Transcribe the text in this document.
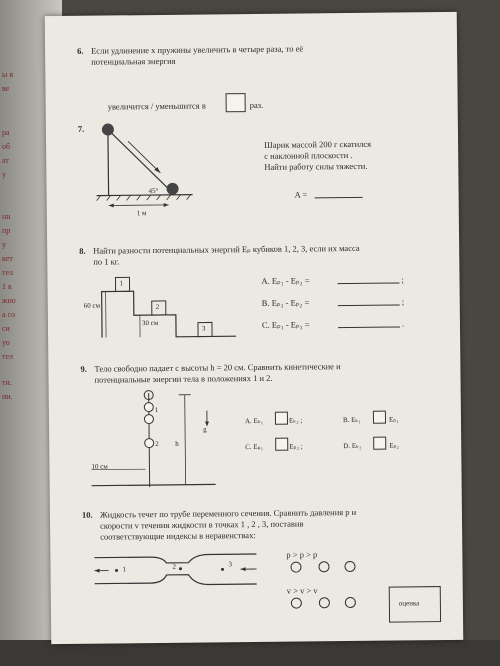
ы в
ве
ра
об
ат
у
нн
пр
у
кет
тел
1 к
жно
а со
си
уо
тел
ти.
ии.
6. Если удлинение x пружины увеличить в четыре раза, то её
потенциальная энергия
увеличится / уменьшится в	раз.
7.
45°
1 м
Шарик массой 200 г скатился
с наклонной плоскости .
Найти работу силы тяжести.
A =
8. Найти разности потенциальных энергий Eₚ кубиков 1, 2, 3, если их масса
по 1 кг.
1
2
3
60 см
30 см
A. Eₚ₁ - Eₚ₂ =	;
B. Eₚ₃ - Eₚ₂ =	;
C. Eₚ₁ - Eₚ₃ =	.
9. Тело свободно падает с высоты h = 20 см. Сравнить кинетические и
потенциальные энергии тела в положениях 1 и 2.
1
2 h
g
10 см
A. Eₖ₁	Eₖ₂ ;	B. Eₖ₁	Eₚ₁
C. Eₚ₁	Eₚ₂ ;	D. Eₖ₂	Eₚ₂
10. Жидкость течет по трубе переменного сечения. Сравнить давления p и
скорости v течения жидкости в точках 1 , 2 , 3, поставив
соответствующие индексы в неравенствах:
1	2	3
p > p > p
v > v > v
оценка
